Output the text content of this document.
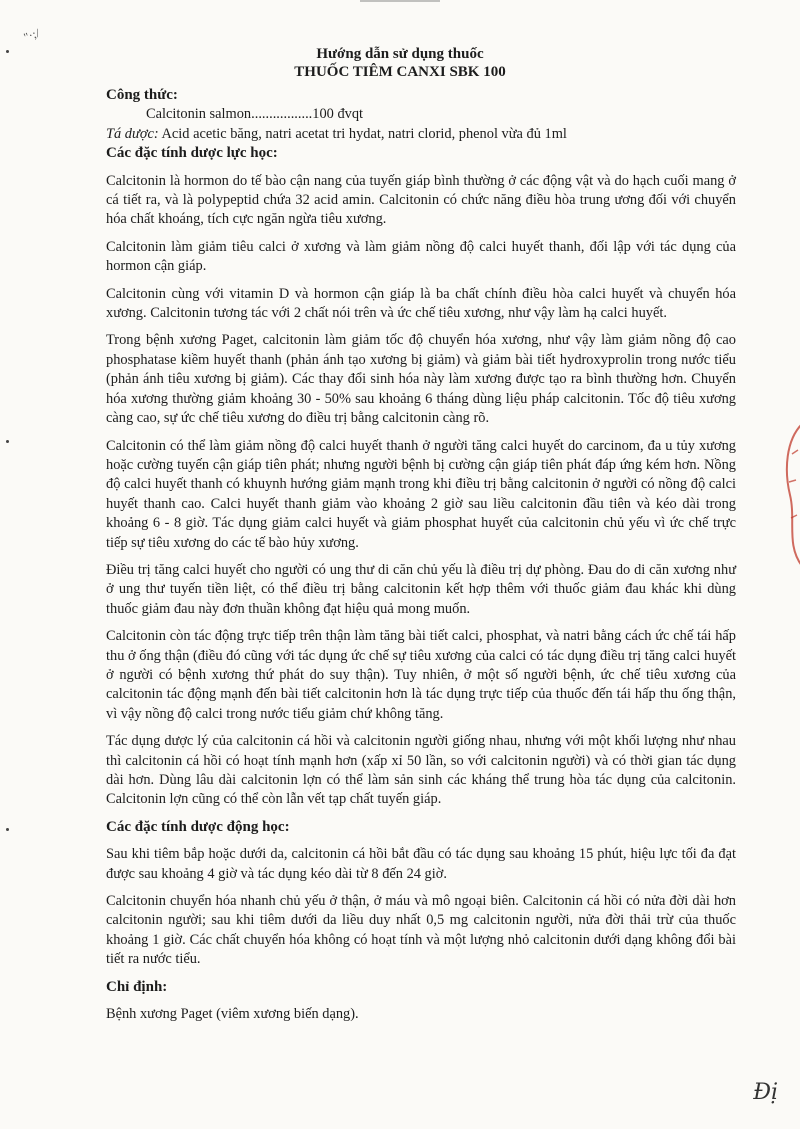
"·;/
Hướng dẫn sử dụng thuốc
THUỐC TIÊM CANXI SBK 100

Công thức:

Calcitonin salmon.................100 đvqt

Tá dược: Acid acetic băng, natri acetat tri hydat, natri clorid, phenol vừa đủ 1ml

Các đặc tính dược lực học:

Calcitonin là hormon do tế bào cận nang của tuyến giáp bình thường ở các động vật và do hạch cuối mang ở cá tiết ra, và là polypeptid chứa 32 acid amin. Calcitonin có chức năng điều hòa trung ương đối với chuyển hóa chất khoáng, tích cực ngăn ngừa tiêu xương.

Calcitonin làm giảm tiêu calci ở xương và làm giảm nồng độ calci huyết thanh, đối lập với tác dụng của hormon cận giáp.

Calcitonin cùng với vitamin D và hormon cận giáp là ba chất chính điều hòa calci huyết và chuyển hóa xương. Calcitonin tương tác với 2 chất nói trên và ức chế tiêu xương, như vậy làm hạ calci huyết.

Trong bệnh xương Paget, calcitonin làm giảm tốc độ chuyển hóa xương, như vậy làm giảm nồng độ cao phosphatase kiềm huyết thanh (phản ánh tạo xương bị giảm) và giảm bài tiết hydroxyprolin trong nước tiểu (phản ánh tiêu xương bị giảm). Các thay đổi sinh hóa này làm xương được tạo ra bình thường hơn. Chuyển hóa xương thường giảm khoảng 30 - 50% sau khoảng 6 tháng dùng liệu pháp calcitonin. Tốc độ tiêu xương càng cao, sự ức chế tiêu xương do điều trị bằng calcitonin càng rõ.

Calcitonin có thể làm giảm nồng độ calci huyết thanh ở người tăng calci huyết do carcinom, đa u tủy xương hoặc cường tuyến cận giáp tiên phát; nhưng người bệnh bị cường cận giáp tiên phát đáp ứng kém hơn. Nồng độ calci huyết thanh có khuynh hướng giảm mạnh trong khi điều trị bằng calcitonin ở người có nồng độ calci huyết thanh cao. Calci huyết thanh giảm vào khoảng 2 giờ sau liều calcitonin đầu tiên và kéo dài trong khoảng 6 - 8 giờ. Tác dụng giảm calci huyết và giảm phosphat huyết của calcitonin chủ yếu vì ức chế trực tiếp sự tiêu xương do các tế bào hủy xương.

Điều trị tăng calci huyết cho người có ung thư di căn chủ yếu là điều trị dự phòng. Đau do di căn xương như ở ung thư tuyến tiền liệt, có thể điều trị bằng calcitonin kết hợp thêm với thuốc giảm đau khác khi dùng thuốc giảm đau này đơn thuần không đạt hiệu quả mong muốn.

Calcitonin còn tác động trực tiếp trên thận làm tăng bài tiết calci, phosphat, và natri bằng cách ức chế tái hấp thu ở ống thận (điều đó cũng với tác dụng ức chế sự tiêu xương của calci có tác dụng điều trị tăng calci huyết ở người có bệnh xương thứ phát do suy thận). Tuy nhiên, ở một số người bệnh, ức chế tiêu xương của calcitonin tác động mạnh đến bài tiết calcitonin hơn là tác dụng trực tiếp của thuốc đến tái hấp thu ống thận, vì vậy nồng độ calci trong nước tiểu giảm chứ không tăng.

Tác dụng dược lý của calcitonin cá hồi và calcitonin người giống nhau, nhưng với một khối lượng như nhau thì calcitonin cá hồi có hoạt tính mạnh hơn (xấp xỉ 50 lần, so với calcitonin người) và có thời gian tác dụng dài hơn. Dùng lâu dài calcitonin lợn có thể làm sản sinh các kháng thể trung hòa tác dụng của calcitonin. Calcitonin lợn cũng có thể còn lẫn vết tạp chất tuyến giáp.

Các đặc tính dược động học:

Sau khi tiêm bắp hoặc dưới da, calcitonin cá hồi bắt đầu có tác dụng sau khoảng 15 phút, hiệu lực tối đa đạt được sau khoảng 4 giờ và tác dụng kéo dài từ 8 đến 24 giờ.

Calcitonin chuyển hóa nhanh chủ yếu ở thận, ở máu và mô ngoại biên. Calcitonin cá hồi có nửa đời dài hơn calcitonin người; sau khi tiêm dưới da liều duy nhất 0,5 mg calcitonin người, nửa đời thải trừ của thuốc khoảng 1 giờ. Các chất chuyển hóa không có hoạt tính và một lượng nhỏ calcitonin dưới dạng không đổi bài tiết ra nước tiểu.

Chỉ định:

Bệnh xương Paget (viêm xương biến dạng).

Đị
